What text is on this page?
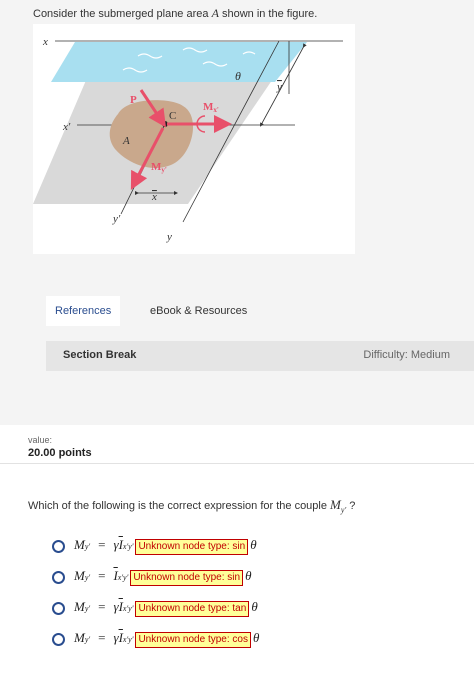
Consider the submerged plane area A shown in the figure.
x
y
θ
x'
y'
y
C
A
P
Mx'
My'
x
References	eBook & Resources
Section Break	Difficulty: Medium
value:
20.00 points
Which of the following is the correct expression for the couple $M_{y'}$ ?
M y' = γ $\overline{I}$ x'y' Unknown node type: sin θ
M $y' = \overline{I}$ x'y' Unknown node type: sin θ
M y' = γ $\overline{I}$ x'y' Unknown node type: tan θ
M y' = γ $\overline{I}$ x'y' Unknown node type: cos θ
